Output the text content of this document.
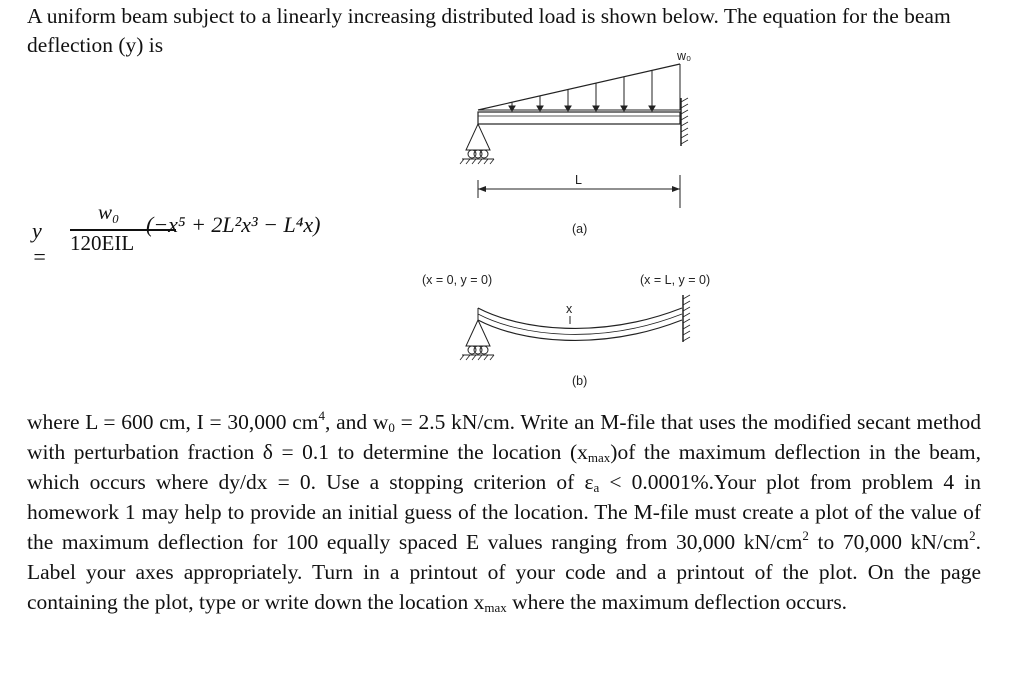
A uniform beam subject to a linearly increasing distributed load is shown below. The equation for the beam deflection (y) is
y =
w₀
120EIL
(−x⁵ + 2L²x³ − L⁴x)
w₀
L
(a)
(x = 0, y = 0)	(x = L, y = 0)
x
(b)
where L = 600 cm, I = 30,000 $cm^4$, and $w_0 = 2.5$ kN/cm. Write an M-file that uses the modified secant method with perturbation fraction δ = 0.1 to determine the location $(x_{max})of$ the maximum deflection in the beam, which occurs where dy/dx = 0. Use a stopping criterion of $\varepsilon_a$ < 0.0001%.Your plot from problem 4 in homework 1 may help to provide an initial guess of the location. The M-file must create a plot of the value of the maximum deflection for 100 equally spaced E values ranging from 30,000 $kN/cm^2$ to 70,000 $kN/cm^2$. Label your axes appropriately. Turn in a printout of your code and a printout of the plot. On the page containing the plot, type or write down the location $x_{max}$ where the maximum deflection occurs.
